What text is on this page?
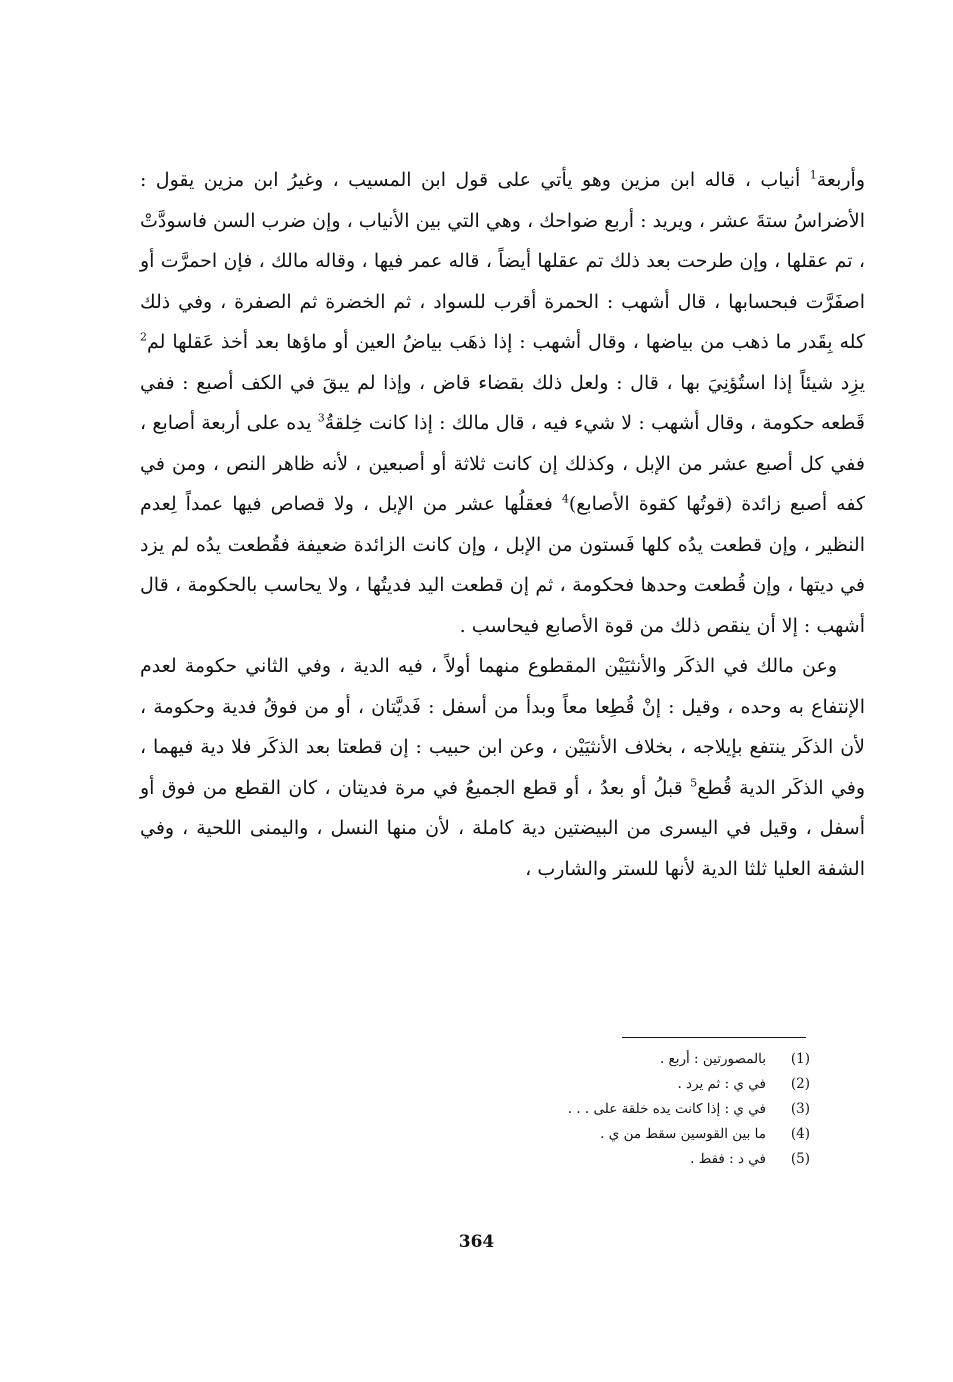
وأربعة$^1$ أنياب ، قاله ابن مزين وهو يأتي على قول ابن المسيب ، وغيرُ ابن مزين يقول : الأضراسُ ستةَ عشر ، ويريد : أربع ضواحك ، وهي التي بين الأنياب ، وإن ضرب السن فاسودَّتْ ، تم عقلها ، وإن طرحت بعد ذلك تم عقلها أيضاً ، قاله عمر فيها ، وقاله مالك ، فإن احمرَّت أو اصفَرَّت فبحسابها ، قال أشهب : الحمرة أقرب للسواد ، ثم الخضرة ثم الصفرة ، وفي ذلك كله بِقَدر ما ذهب من بياضها ، وقال أشهب : إذا ذهَب بياضُ العين أو ماؤها بعد أخذ عَقلها لم$^2$ يزِد شيئاً إذا استُؤنِيَ بها ، قال : ولعل ذلك بقضاء قاض ، وإذا لم يبقَ في الكف أصبع : ففي قَطعه حكومة ، وقال أشهب : لا شيء فيه ، قال مالك : إذا كانت خِلقةُ$^3$ يده على أربعة أصابع ، ففي كل أصبع عشر من الإبل ، وكذلك إن كانت ثلاثة أو أصبعين ، لأنه ظاهر النص ، ومن في كفه أصبع زائدة (قوتُها كقوة الأصابع)$^4$ فعقلُها عشر من الإبل ، ولا قصاص فيها عمداً لِعدم النظير ، وإن قطعت يدُه كلها فَستون من الإبل ، وإن كانت الزائدة ضعيفة فقُطعت يدُه لم يزد في ديتها ، وإن قُطعت وحدها فحكومة ، ثم إن قطعت اليد فديتُها ، ولا يحاسب بالحكومة ، قال أشهب : إلا أن ينقص ذلك من قوة الأصابع فيحاسب .

وعن مالك في الذكَر والأنثيَيْن المقطوع منهما أولاً ، فيه الدية ، وفي الثاني حكومة لعدم الإنتفاع به وحده ، وقيل : إنْ قُطِعا معاً وبدأ من أسفل : فَديَّتان ، أو من فوقُ فدية وحكومة ، لأن الذكَر ينتفع بإيلاجه ، بخلاف الأنثيَيْن ، وعن ابن حبيب : إن قطعتا بعد الذكَر فلا دية فيهما ، وفي الذكَر الدية قُطع$^5$ قبلُ أو بعدُ ، أو قطع الجميعُ في مرة فديتان ، كان القطع من فوق أو أسفل ، وقيل في اليسرى من البيضتين دية كاملة ، لأن منها النسل ، واليمنى اللحية ، وفي الشفة العليا ثلثا الدية لأنها للستر والشارب ،

(1)
بالمصورتين : أربع .
(2)
في ي : ثم يرد .
(3)
في ي : إذا كانت يده خلقة على . . .
(4)
ما بين القوسين سقط من ي .
(5)
في د : فقط .
364
